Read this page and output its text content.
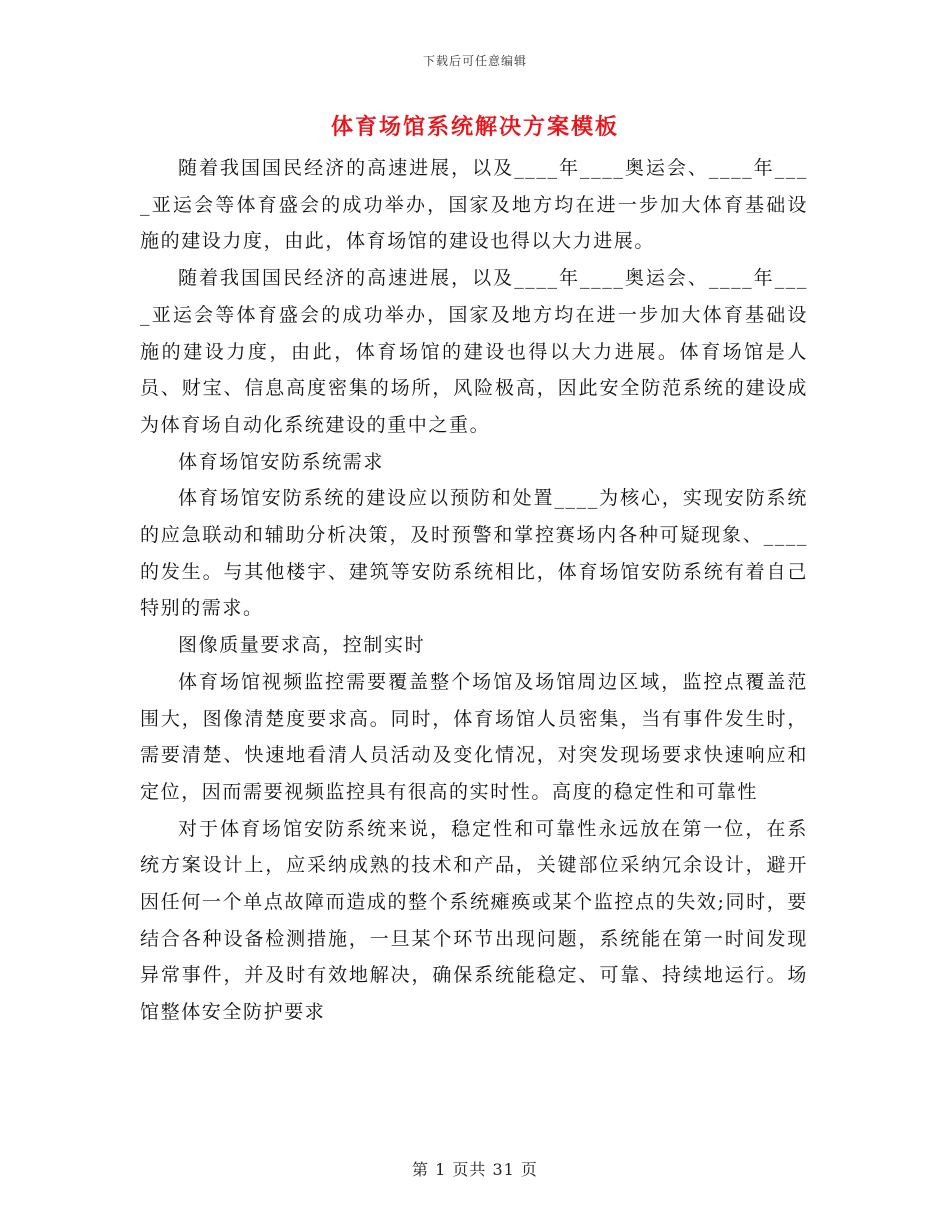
下载后可任意编辑
体育场馆系统解决方案模板

随着我国国民经济的高速进展，以及____年____奥运会、____年____亚运会等体育盛会的成功举办，国家及地方均在进一步加大体育基础设施的建设力度，由此，体育场馆的建设也得以大力进展。

随着我国国民经济的高速进展，以及____年____奥运会、____年____亚运会等体育盛会的成功举办，国家及地方均在进一步加大体育基础设施的建设力度，由此，体育场馆的建设也得以大力进展。体育场馆是人员、财宝、信息高度密集的场所，风险极高，因此安全防范系统的建设成为体育场自动化系统建设的重中之重。

体育场馆安防系统需求

体育场馆安防系统的建设应以预防和处置____为核心，实现安防系统的应急联动和辅助分析决策，及时预警和掌控赛场内各种可疑现象、____的发生。与其他楼宇、建筑等安防系统相比，体育场馆安防系统有着自己特别的需求。

图像质量要求高，控制实时

体育场馆视频监控需要覆盖整个场馆及场馆周边区域，监控点覆盖范围大，图像清楚度要求高。同时，体育场馆人员密集，当有事件发生时，需要清楚、快速地看清人员活动及变化情况，对突发现场要求快速响应和定位，因而需要视频监控具有很高的实时性。高度的稳定性和可靠性

对于体育场馆安防系统来说，稳定性和可靠性永远放在第一位，在系统方案设计上，应采纳成熟的技术和产品，关键部位采纳冗余设计，避开因任何一个单点故障而造成的整个系统瘫痪或某个监控点的失效;同时，要结合各种设备检测措施，一旦某个环节出现问题，系统能在第一时间发现异常事件，并及时有效地解决，确保系统能稳定、可靠、持续地运行。场馆整体安全防护要求

第 1 页共 31 页
